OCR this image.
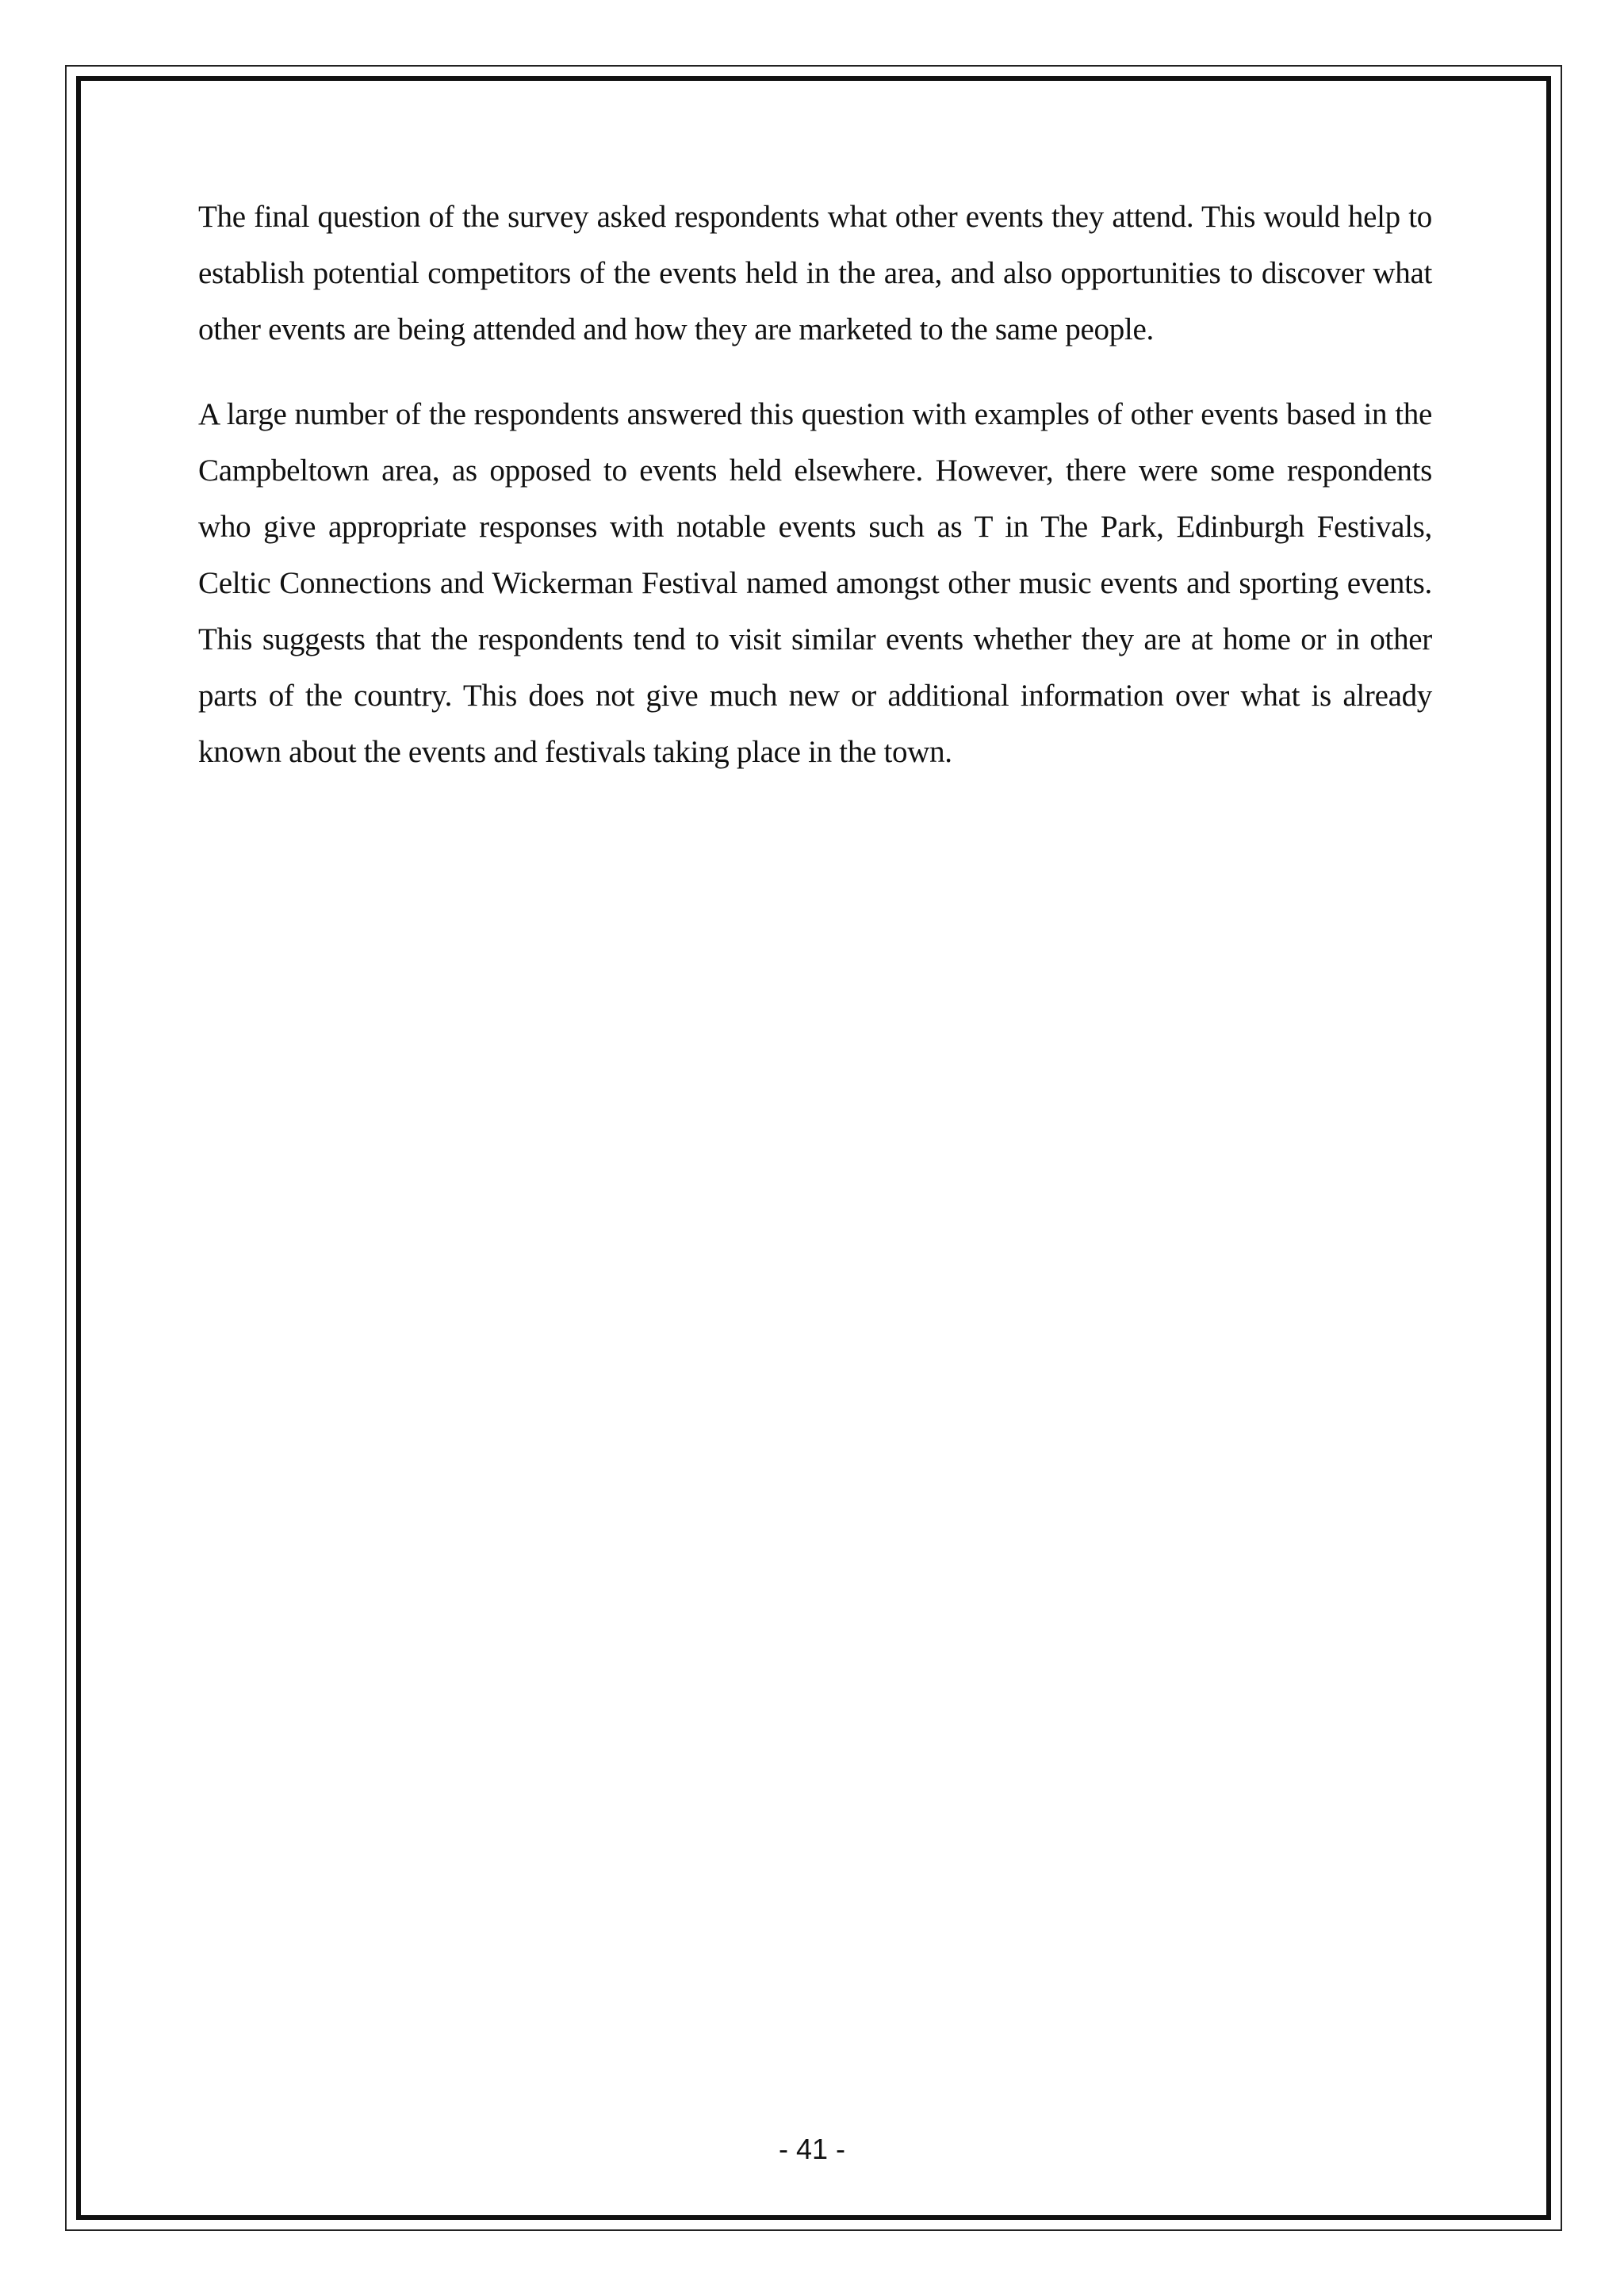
The final question of the survey asked respondents what other events they attend. This would help to establish potential competitors of the events held in the area, and also opportunities to discover what other events are being attended and how they are marketed to the same people.

A large number of the respondents answered this question with examples of other events based in the Campbeltown area, as opposed to events held elsewhere. However, there were some respondents who give appropriate responses with notable events such as T in The Park, Edinburgh Festivals, Celtic Connections and Wickerman Festival named amongst other music events and sporting events. This suggests that the respondents tend to visit similar events whether they are at home or in other parts of the country. This does not give much new or additional information over what is already known about the events and festivals taking place in the town.

- 41 -
